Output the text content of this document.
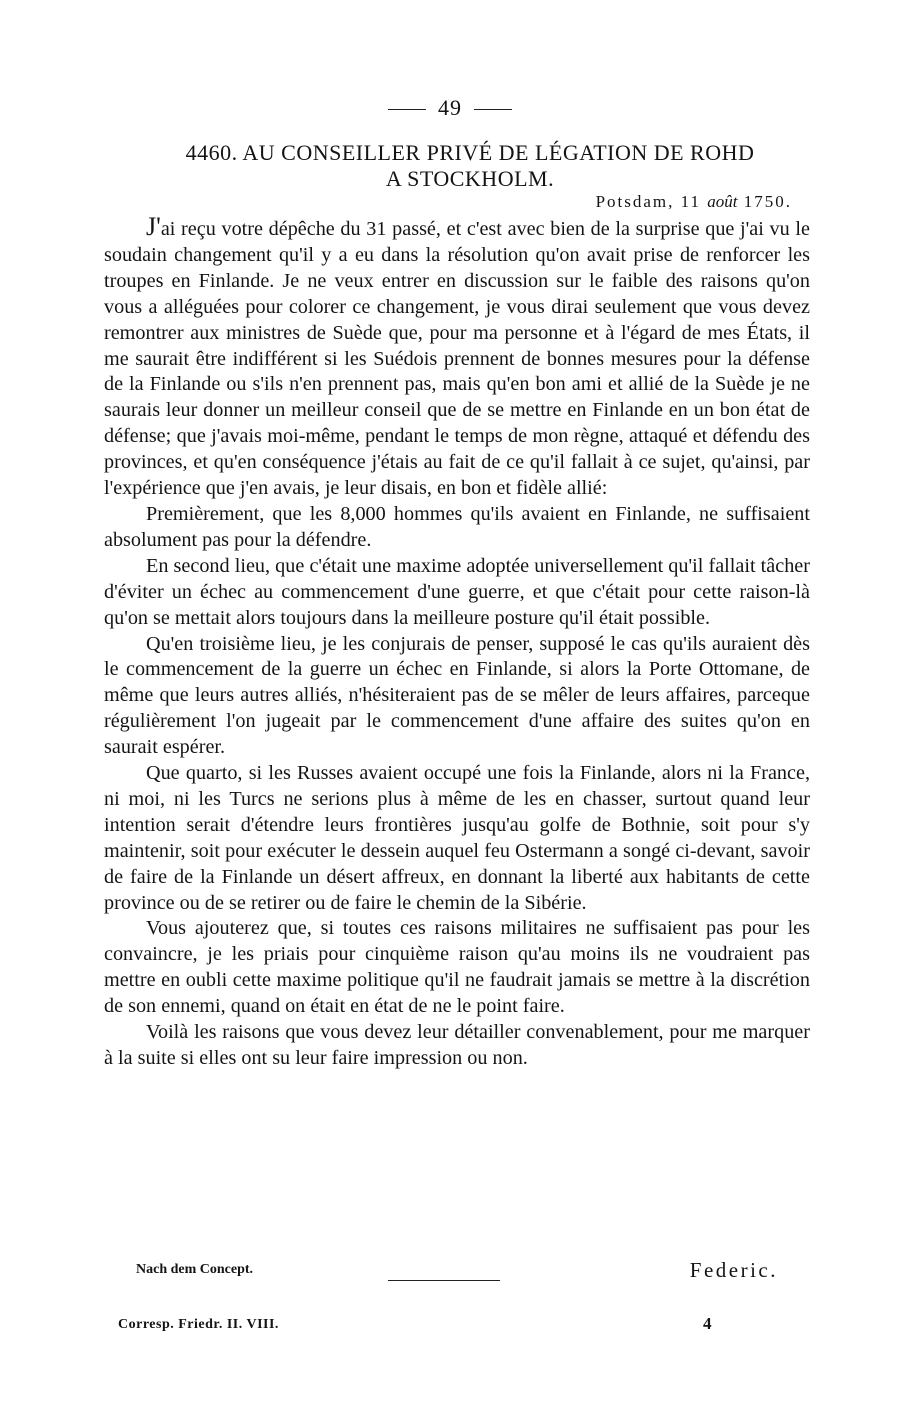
49
4460. AU CONSEILLER PRIVÉ DE LÉGATION DE ROHD
A STOCKHOLM.
Potsdam, 11 août 1750.

J'ai reçu votre dépêche du 31 passé, et c'est avec bien de la surprise que j'ai vu le soudain changement qu'il y a eu dans la résolution qu'on avait prise de renforcer les troupes en Finlande. Je ne veux entrer en discussion sur le faible des raisons qu'on vous a alléguées pour colorer ce changement, je vous dirai seulement que vous devez remontrer aux ministres de Suède que, pour ma personne et à l'égard de mes États, il me saurait être indifférent si les Suédois prennent de bonnes mesures pour la défense de la Finlande ou s'ils n'en prennent pas, mais qu'en bon ami et allié de la Suède je ne saurais leur donner un meilleur conseil que de se mettre en Finlande en un bon état de défense; que j'avais moi-même, pendant le temps de mon règne, attaqué et défendu des provinces, et qu'en conséquence j'étais au fait de ce qu'il fallait à ce sujet, qu'ainsi, par l'expérience que j'en avais, je leur disais, en bon et fidèle allié:

Premièrement, que les 8,000 hommes qu'ils avaient en Finlande, ne suffisaient absolument pas pour la défendre.

En second lieu, que c'était une maxime adoptée universellement qu'il fallait tâcher d'éviter un échec au commencement d'une guerre, et que c'était pour cette raison-là qu'on se mettait alors toujours dans la meilleure posture qu'il était possible.

Qu'en troisième lieu, je les conjurais de penser, supposé le cas qu'ils auraient dès le commencement de la guerre un échec en Finlande, si alors la Porte Ottomane, de même que leurs autres alliés, n'hésiteraient pas de se mêler de leurs affaires, parceque régulièrement l'on jugeait par le commencement d'une affaire des suites qu'on en saurait espérer.

Que quarto, si les Russes avaient occupé une fois la Finlande, alors ni la France, ni moi, ni les Turcs ne serions plus à même de les en chasser, surtout quand leur intention serait d'étendre leurs frontières jusqu'au golfe de Bothnie, soit pour s'y maintenir, soit pour exécuter le dessein auquel feu Ostermann a songé ci-devant, savoir de faire de la Finlande un désert affreux, en donnant la liberté aux habitants de cette province ou de se retirer ou de faire le chemin de la Sibérie.

Vous ajouterez que, si toutes ces raisons militaires ne suffisaient pas pour les convaincre, je les priais pour cinquième raison qu'au moins ils ne voudraient pas mettre en oubli cette maxime politique qu'il ne faudrait jamais se mettre à la discrétion de son ennemi, quand on était en état de ne le point faire.

Voilà les raisons que vous devez leur détailler convenablement, pour me marquer à la suite si elles ont su leur faire impression ou non.

Nach dem Concept.	Federic.
Corresp. Friedr. II. VIII.	4
